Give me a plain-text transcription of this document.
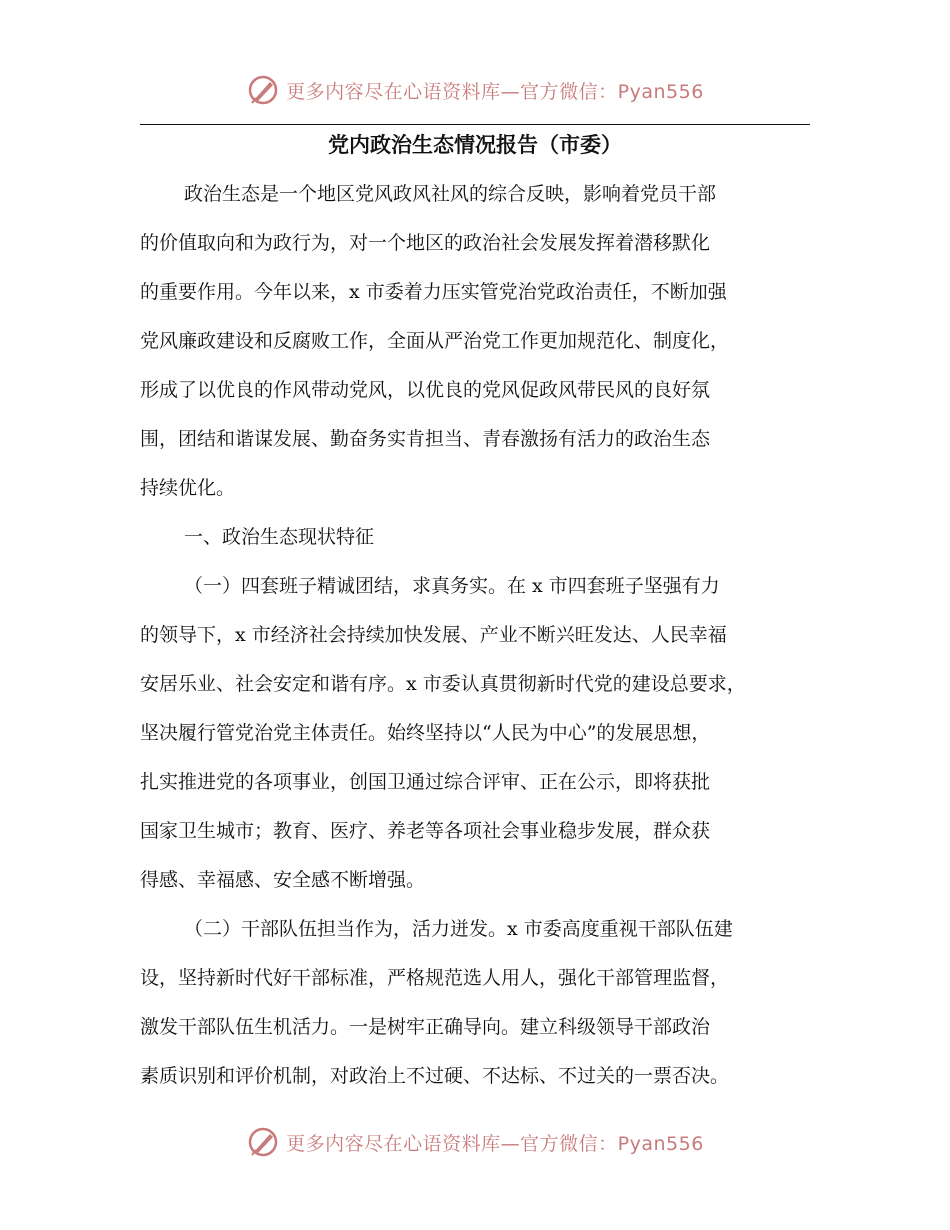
更多内容尽在心语资料库—官方微信：Pyan556
党内政治生态情况报告（市委）

政治生态是一个地区党风政风社风的综合反映，影响着党员干部

的价值取向和为政行为，对一个地区的政治社会发展发挥着潜移默化

的重要作用。今年以来，x 市委着力压实管党治党政治责任，不断加强

党风廉政建设和反腐败工作，全面从严治党工作更加规范化、制度化，

形成了以优良的作风带动党风，以优良的党风促政风带民风的良好氛

围，团结和谐谋发展、勤奋务实肯担当、青春激扬有活力的政治生态

持续优化。

一、政治生态现状特征

（一）四套班子精诚团结，求真务实。在 x 市四套班子坚强有力

的领导下，x 市经济社会持续加快发展、产业不断兴旺发达、人民幸福

安居乐业、社会安定和谐有序。x 市委认真贯彻新时代党的建设总要求，

坚决履行管党治党主体责任。始终坚持以“人民为中心”的发展思想，

扎实推进党的各项事业，创国卫通过综合评审、正在公示，即将获批

国家卫生城市；教育、医疗、养老等各项社会事业稳步发展，群众获

得感、幸福感、安全感不断增强。

（二）干部队伍担当作为，活力迸发。x 市委高度重视干部队伍建

设，坚持新时代好干部标准，严格规范选人用人，强化干部管理监督，

激发干部队伍生机活力。一是树牢正确导向。建立科级领导干部政治

素质识别和评价机制，对政治上不过硬、不达标、不过关的一票否决。

更多内容尽在心语资料库—官方微信：Pyan556
